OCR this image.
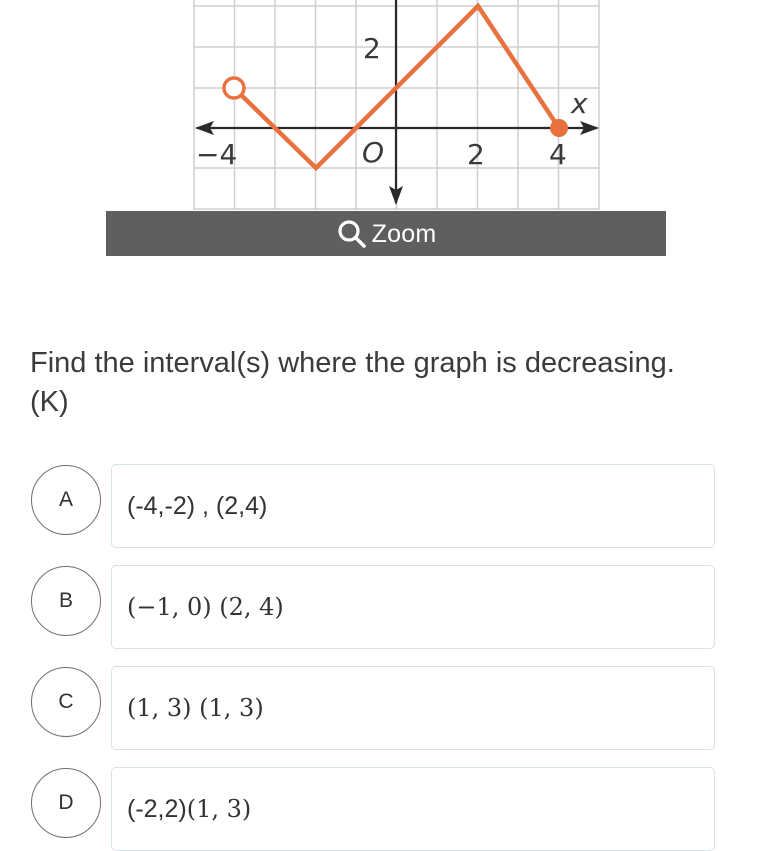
−4	O	2 4
x
2
Zoom

Find the interval(s) where the graph is decreasing.

(K)

A (-4,-2) , (2,4)
B (−1, 0) (2, 4)
C (1, 3) (1, 3)
D (-2,2) (1, 3)
